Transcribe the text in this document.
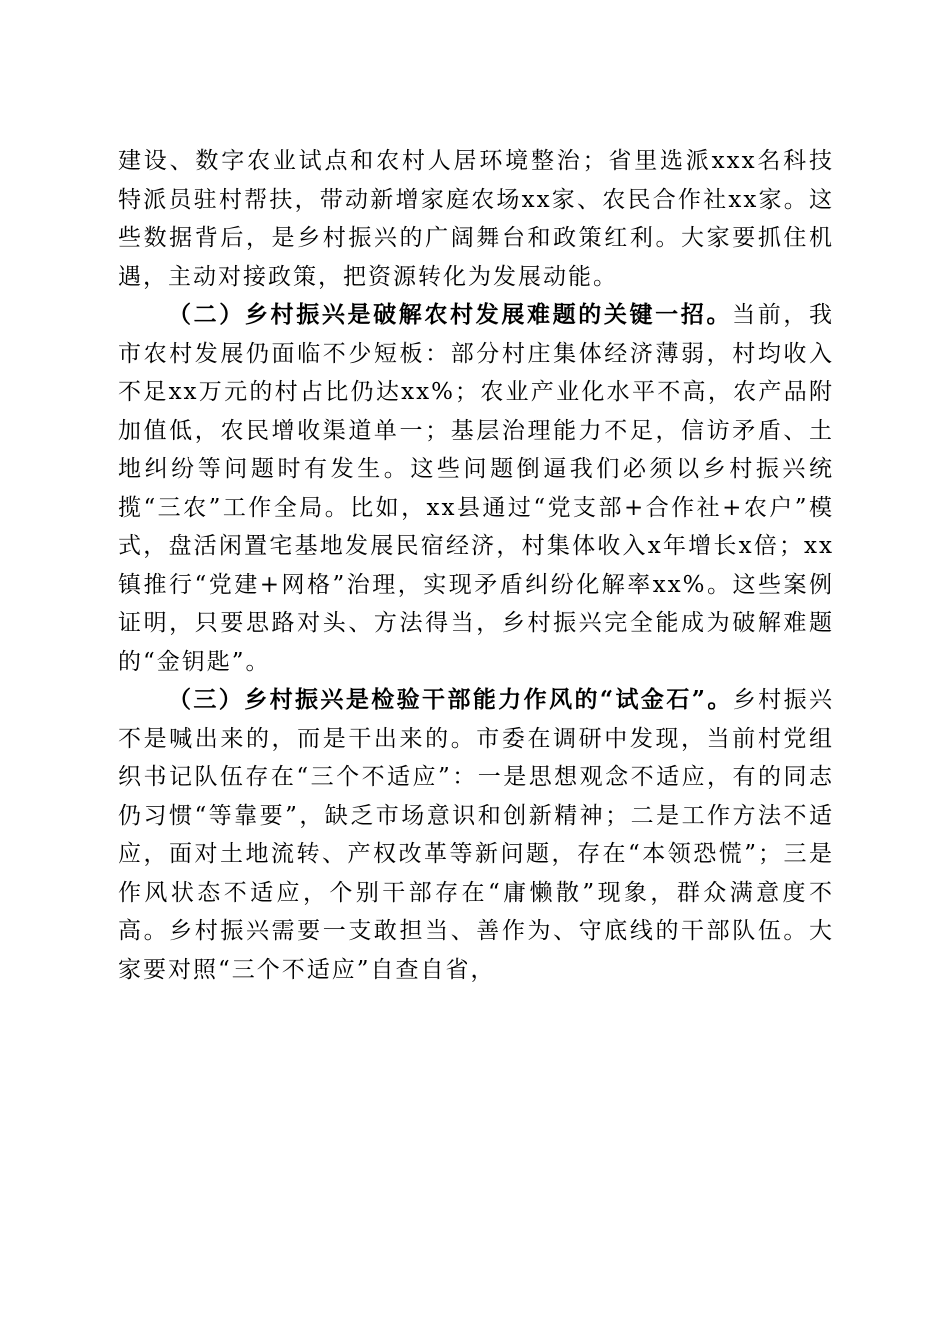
建设、数字农业试点和农村人居环境整治；省里选派xxx名科技特派员驻村帮扶，带动新增家庭农场xx家、农民合作社xx家。这些数据背后，是乡村振兴的广阔舞台和政策红利。大家要抓住机遇，主动对接政策，把资源转化为发展动能。

（二）乡村振兴是破解农村发展难题的关键一招。当前，我市农村发展仍面临不少短板：部分村庄集体经济薄弱，村均收入不足xx万元的村占比仍达xx%；农业产业化水平不高，农产品附加值低，农民增收渠道单一；基层治理能力不足，信访矛盾、土地纠纷等问题时有发生。这些问题倒逼我们必须以乡村振兴统揽“三农”工作全局。比如，xx县通过“党支部+合作社+农户”模式，盘活闲置宅基地发展民宿经济，村集体收入x年增长x倍；xx镇推行“党建+网格”治理，实现矛盾纠纷化解率xx%。这些案例证明，只要思路对头、方法得当，乡村振兴完全能成为破解难题的“金钥匙”。

（三）乡村振兴是检验干部能力作风的“试金石”。乡村振兴不是喊出来的，而是干出来的。市委在调研中发现，当前村党组织书记队伍存在“三个不适应”：一是思想观念不适应，有的同志仍习惯“等靠要”，缺乏市场意识和创新精神；二是工作方法不适应，面对土地流转、产权改革等新问题，存在“本领恐慌”；三是作风状态不适应，个别干部存在“庸懒散”现象，群众满意度不高。乡村振兴需要一支敢担当、善作为、守底线的干部队伍。大家要对照“三个不适应”自查自省，
